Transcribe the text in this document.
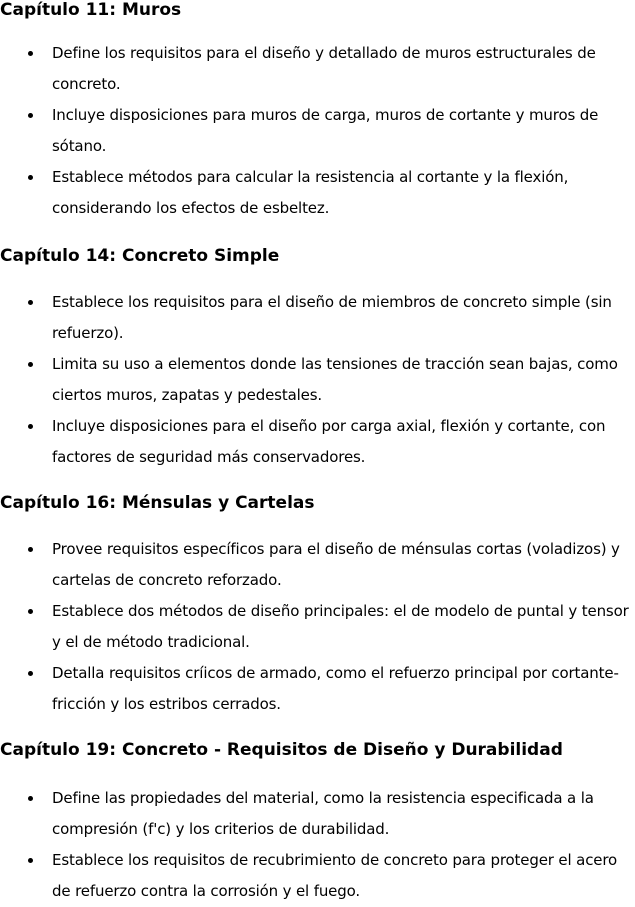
Capítulo 11: Muros
Define los requisitos para el diseño y detallado de muros estructurales de concreto.
Incluye disposiciones para muros de carga, muros de cortante y muros de sótano.
Establece métodos para calcular la resistencia al cortante y la flexión, considerando los efectos de esbeltez.
Capítulo 14: Concreto Simple
Establece los requisitos para el diseño de miembros de concreto simple (sin refuerzo).
Limita su uso a elementos donde las tensiones de tracción sean bajas, como ciertos muros, zapatas y pedestales.
Incluye disposiciones para el diseño por carga axial, flexión y cortante, con factores de seguridad más conservadores.
Capítulo 16: Ménsulas y Cartelas
Provee requisitos específicos para el diseño de ménsulas cortas (voladizos) y cartelas de concreto reforzado.
Establece dos métodos de diseño principales: el de modelo de puntal y tensor y el de método tradicional.
Detalla requisitos críicos de armado, como el refuerzo principal por cortante-fricción y los estribos cerrados.
Capítulo 19: Concreto - Requisitos de Diseño y Durabilidad
Define las propiedades del material, como la resistencia especificada a la compresión (f'c) y los criterios de durabilidad.
Establece los requisitos de recubrimiento de concreto para proteger el acero de refuerzo contra la corrosión y el fuego.
